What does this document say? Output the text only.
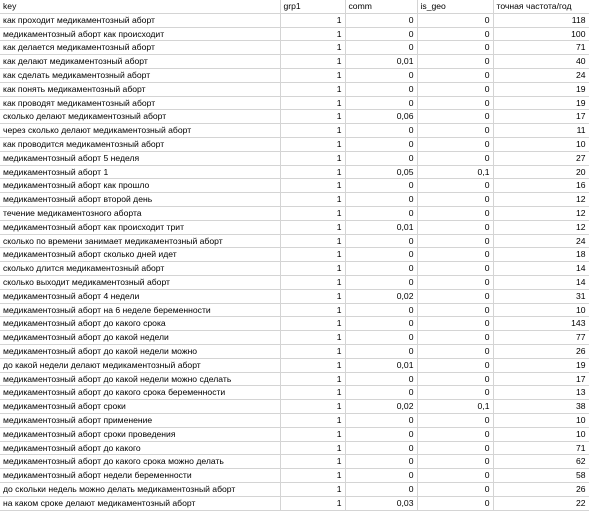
key	grp1	comm	is_geo	точная частота/год
как проходит медикаментозный аборт	1	0	0	118
медикаментозный аборт как происходит	1	0	0	100
как делается медикаментозный аборт	1	0	0	71
как делают медикаментозный аборт	1	0,01	0	40
как сделать медикаментозный аборт	1	0	0	24
как понять медикаментозный аборт	1	0	0	19
как проводят медикаментозный аборт	1	0	0	19
сколько делают медикаментозный аборт	1	0,06	0	17
через сколько делают медикаментозный аборт	1	0	0	11
как проводится медикаментозный аборт	1	0	0	10
медикаментозный аборт 5 неделя	1	0	0	27
медикаментозный аборт 1	1	0,05	0,1	20
медикаментозный аборт как прошло	1	0	0	16
медикаментозный аборт второй день	1	0	0	12
течение медикаментозного аборта	1	0	0	12
медикаментозный аборт как происходит трит	1	0,01	0	12
сколько по времени занимает медикаментозный аборт	1	0	0	24
медикаментозный аборт сколько дней идет	1	0	0	18
сколько длится медикаментозный аборт	1	0	0	14
сколько выходит медикаментозный аборт	1	0	0	14
медикаментозный аборт 4 недели	1	0,02	0	31
медикаментозный аборт на 6 неделе беременности	1	0	0	10
медикаментозный аборт до какого срока	1	0	0	143
медикаментозный аборт до какой недели	1	0	0	77
медикаментозный аборт до какой недели можно	1	0	0	26
до какой недели делают медикаментозный аборт	1	0,01	0	19
медикаментозный аборт до какой недели можно сделать	1	0	0	17
медикаментозный аборт до какого срока беременности	1	0	0	13
медикаментозный аборт сроки	1	0,02	0,1	38
медикаментозный аборт применение	1	0	0	10
медикаментозный аборт сроки проведения	1	0	0	10
медикаментозный аборт до какого	1	0	0	71
медикаментозный аборт до какого срока можно делать	1	0	0	62
медикаментозный аборт недели беременности	1	0	0	58
до скольки недель можно делать медикаментозный аборт	1	0	0	26
на каком сроке делают медикаментозный аборт	1	0,03	0	22
